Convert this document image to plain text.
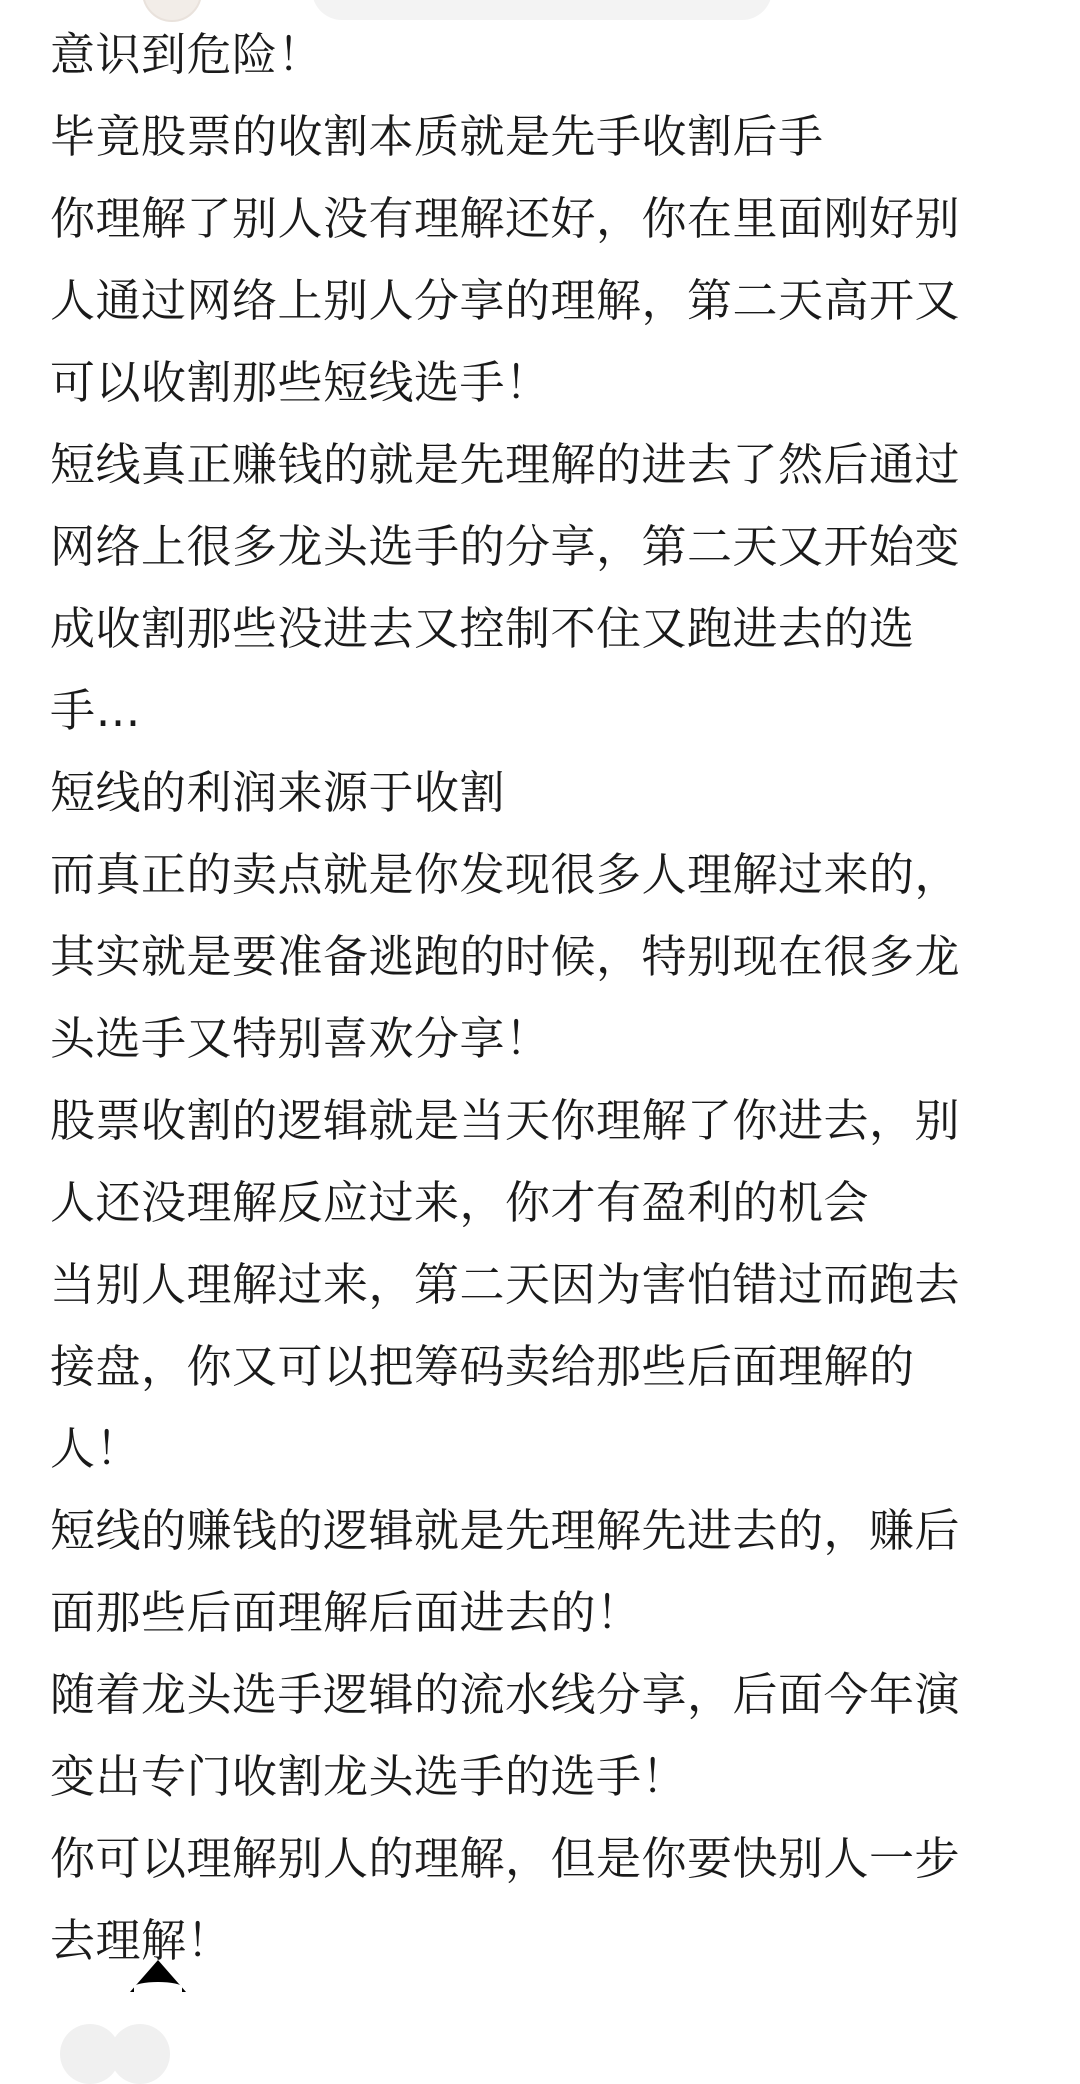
意识到危险！
毕竟股票的收割本质就是先手收割后手
你理解了别人没有理解还好，你在里面刚好别
人通过网络上别人分享的理解，第二天高开又
可以收割那些短线选手！
短线真正赚钱的就是先理解的进去了然后通过
网络上很多龙头选手的分享，第二天又开始变
成收割那些没进去又控制不住又跑进去的选
手…
短线的利润来源于收割
而真正的卖点就是你发现很多人理解过来的，
其实就是要准备逃跑的时候，特别现在很多龙
头选手又特别喜欢分享！
股票收割的逻辑就是当天你理解了你进去，别
人还没理解反应过来，你才有盈利的机会
当别人理解过来，第二天因为害怕错过而跑去
接盘，你又可以把筹码卖给那些后面理解的
人！
短线的赚钱的逻辑就是先理解先进去的，赚后
面那些后面理解后面进去的！
随着龙头选手逻辑的流水线分享，后面今年演
变出专门收割龙头选手的选手！
你可以理解别人的理解，但是你要快别人一步
去理解！
